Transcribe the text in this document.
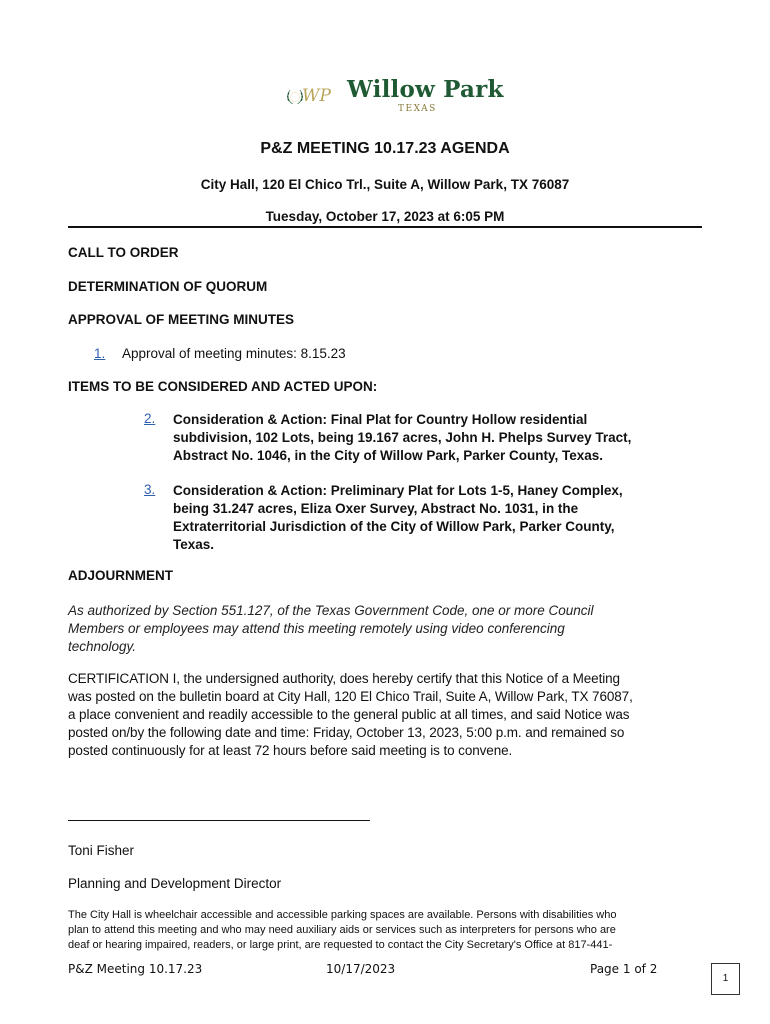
WP Willow Park
TEXAS
P&Z MEETING 10.17.23 AGENDA
City Hall, 120 El Chico Trl., Suite A, Willow Park, TX 76087
Tuesday, October 17, 2023 at 6:05 PM
CALL TO ORDER
DETERMINATION OF QUORUM
APPROVAL OF MEETING MINUTES
1. Approval of meeting minutes: 8.15.23
ITEMS TO BE CONSIDERED AND ACTED UPON:
2. Consideration & Action: Final Plat for Country Hollow residential
subdivision, 102 Lots, being 19.167 acres, John H. Phelps Survey Tract,
Abstract No. 1046, in the City of Willow Park, Parker County, Texas.
3. Consideration & Action: Preliminary Plat for Lots 1-5, Haney Complex,
being 31.247 acres, Eliza Oxer Survey, Abstract No. 1031, in the
Extraterritorial Jurisdiction of the City of Willow Park, Parker County,
Texas.
ADJOURNMENT
As authorized by Section 551.127, of the Texas Government Code, one or more Council
Members or employees may attend this meeting remotely using video conferencing
technology.
CERTIFICATION I, the undersigned authority, does hereby certify that this Notice of a Meeting
was posted on the bulletin board at City Hall, 120 El Chico Trail, Suite A, Willow Park, TX 76087,
a place convenient and readily accessible to the general public at all times, and said Notice was
posted on/by the following date and time: Friday, October 13, 2023, 5:00 p.m. and remained so
posted continuously for at least 72 hours before said meeting is to convene.
Toni Fisher
Planning and Development Director
The City Hall is wheelchair accessible and accessible parking spaces are available. Persons with disabilities who
plan to attend this meeting and who may need auxiliary aids or services such as interpreters for persons who are
deaf or hearing impaired, readers, or large print, are requested to contact the City Secretary's Office at 817-441-
P&Z Meeting 10.17.23	10/17/2023	Page 1 of 2
1
